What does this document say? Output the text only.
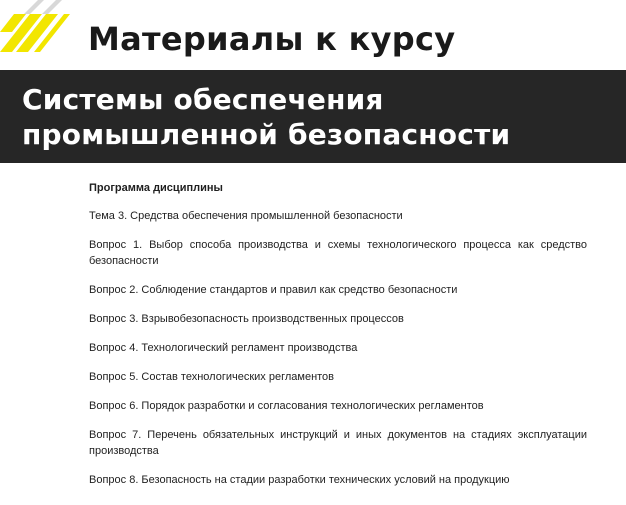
Материалы к курсу
Системы обеспечения
промышленной безопасности
Программа дисциплины
Тема 3. Средства обеспечения промышленной безопасности
Вопрос 1. Выбор способа производства и схемы технологического процесса как средство безопасности
Вопрос 2. Соблюдение стандартов и правил как средство безопасности
Вопрос 3. Взрывобезопасность производственных процессов
Вопрос 4. Технологический регламент производства
Вопрос 5. Состав технологических регламентов
Вопрос 6. Порядок разработки и согласования технологических регламентов
Вопрос 7. Перечень обязательных инструкций и иных документов на стадиях эксплуатации производства
Вопрос 8. Безопасность на стадии разработки технических условий на продукцию
